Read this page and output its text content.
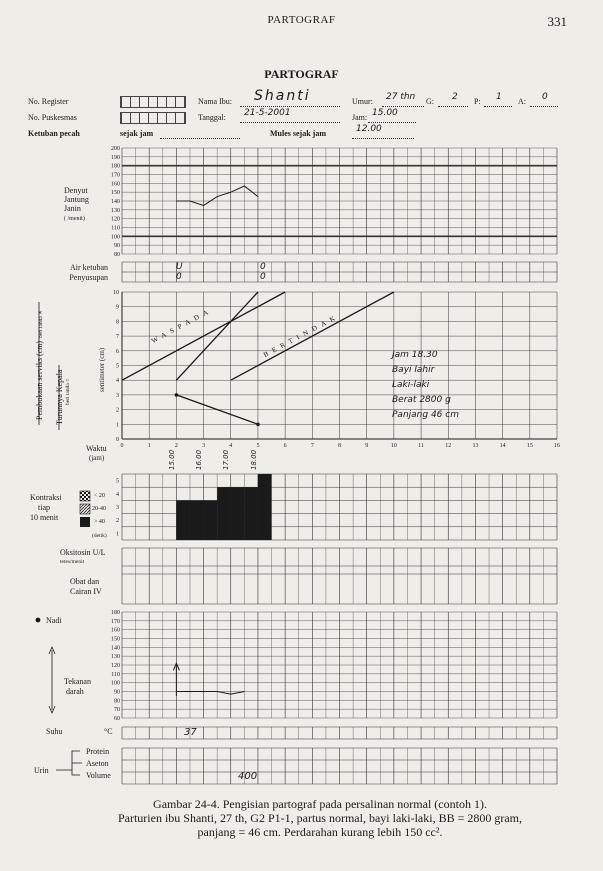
PARTOGRAF	331
PARTOGRAF
No. Register
No. Puskesmas
Ketuban pecah	sejak jam
Nama Ibu: Shanti
Tanggal: 21-5-2001
Mules sejak jam	12.00
Umur: 27 thn G: 2 P: 1 A: 0
Jam: 15.00
80
90
100
110
120
130
140
150
160
170
180
190
200
0
1
2
3
4
5
6
7
8
9
10
0	1	2	3	4	5	6	7	8	9	10	11	12	13	14	15	16
1
2
3
4
5
60
70
80
90
100
110
120
130
140
150
160
170
180
Denyut
Jantung
Janin
( /menit)
Air ketuban
Penyusupan
Pembukaan serviks (cm)
beri tanda ✕
Turunnya Kepala beri tanda ○	sentimeter (cm)
Waktu
(jam)
Kontraksi
tiap
10 menit
< 20
20-40
> 40
(detik)
Oksitosin U/L
tetes/menit
Obat dan
Cairan IV
Nadi
Tekanan
darah
Suhu	°C
Urin
Protein
Aseton
Volume
U	0
0	0
WASPADA	BERTINDAK	Jam 18.30
Bayi lahir
Laki-laki
Berat 2800 g
Panjang 46 cm
15.00	16.00	17.00	18.00
37
400
Gambar 24-4. Pengisian partograf pada persalinan normal (contoh 1).
Parturien ibu Shanti, 27 th, G2 P1-1, partus normal, bayi laki-laki, BB = 2800 gram,
panjang = 46 cm. Perdarahan kurang lebih 150 cc².
